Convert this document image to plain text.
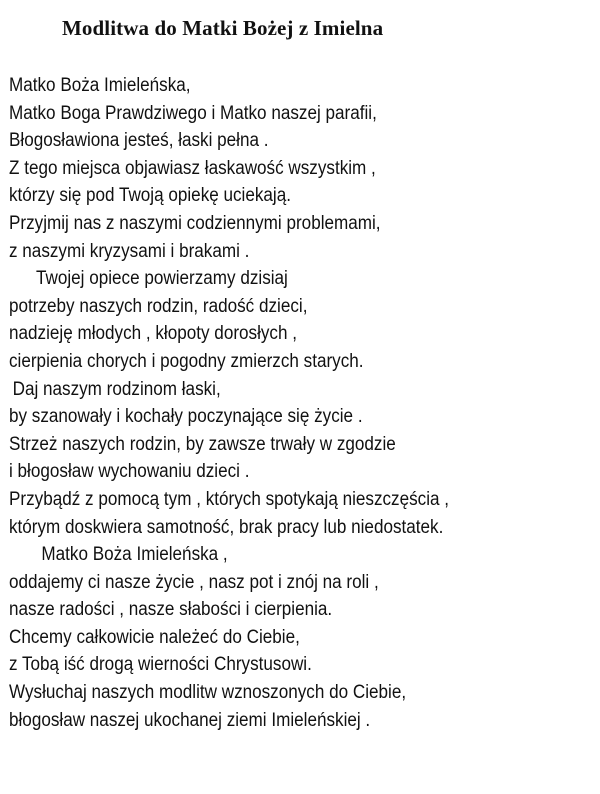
Modlitwa do Matki Bożej z Imielna
Matko Boża Imieleńska,
Matko Boga Prawdziwego i Matko naszej parafii,
Błogosławiona jesteś, łaski pełna .
Z tego miejsca objawiasz łaskawość wszystkim ,
którzy się pod Twoją opiekę uciekają.
Przyjmij nas z naszymi codziennymi problemami,
z naszymi kryzysami i brakami .
Twojej opiece powierzamy dzisiaj
potrzeby naszych rodzin, radość dzieci,
nadzieję młodych , kłopoty dorosłych ,
cierpienia chorych i pogodny zmierzch starych.
Daj naszym rodzinom łaski,
by szanowały i kochały poczynające się życie .
Strzeż naszych rodzin, by zawsze trwały w zgodzie
i błogosław wychowaniu dzieci .
Przybądź z pomocą tym , których spotykają nieszczęścia ,
którym doskwiera samotność, brak pracy lub niedostatek.
Matko Boża Imieleńska ,
oddajemy ci nasze życie , nasz pot i znój na roli ,
nasze radości , nasze słabości i cierpienia.
Chcemy całkowicie należeć do Ciebie,
z Tobą iść drogą wierności Chrystusowi.
Wysłuchaj naszych modlitw wznoszonych do Ciebie,
błogosław naszej ukochanej ziemi Imieleńskiej .
